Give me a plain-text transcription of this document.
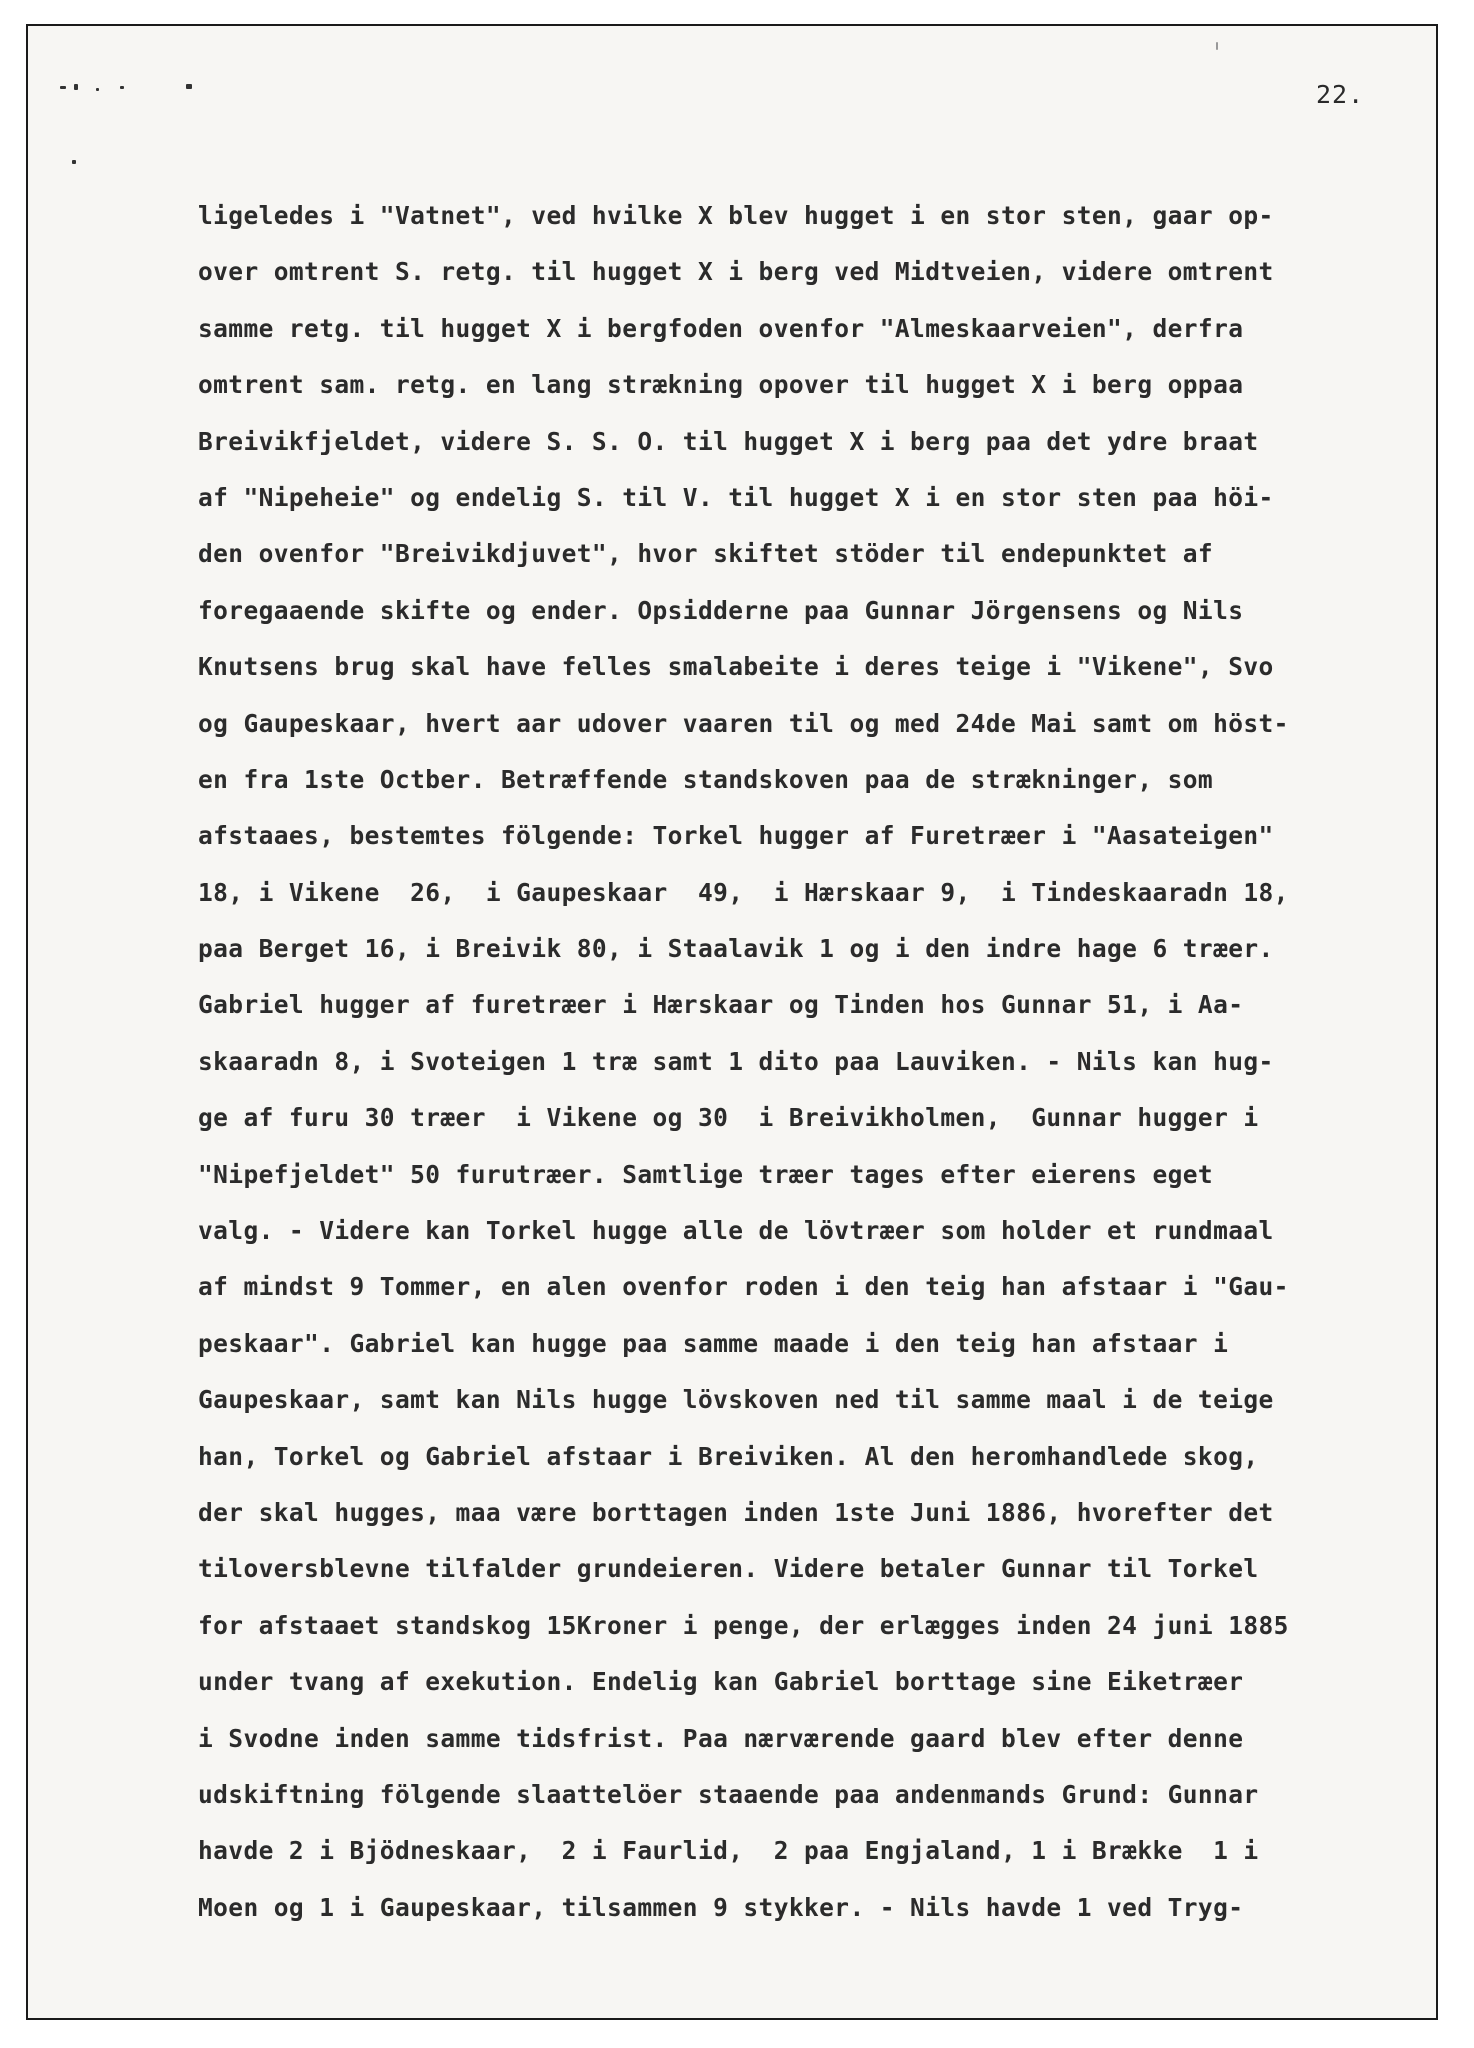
22.
ligeledes i "Vatnet", ved hvilke X blev hugget i en stor sten, gaar op-
over omtrent S. retg. til hugget X i berg ved Midtveien, videre omtrent
samme retg. til hugget X i bergfoden ovenfor "Almeskaarveien", derfra
omtrent sam. retg. en lang strækning opover til hugget X i berg oppaa
Breivikfjeldet, videre S. S. O. til hugget X i berg paa det ydre braat
af "Nipeheie" og endelig S. til V. til hugget X i en stor sten paa höi-
den ovenfor "Breivikdjuvet", hvor skiftet stöder til endepunktet af
foregaaende skifte og ender. Opsidderne paa Gunnar Jörgensens og Nils
Knutsens brug skal have felles smalabeite i deres teige i "Vikene", Svo
og Gaupeskaar, hvert aar udover vaaren til og med 24de Mai samt om höst-
en fra 1ste Octber. Betræffende standskoven paa de strækninger, som
afstaaes, bestemtes fölgende: Torkel hugger af Furetræer i "Aasateigen"
18, i Vikene  26,  i Gaupeskaar  49,  i Hærskaar 9,  i Tindeskaaradn 18,
paa Berget 16, i Breivik 80, i Staalavik 1 og i den indre hage 6 træer.
Gabriel hugger af furetræer i Hærskaar og Tinden hos Gunnar 51, i Aa-
skaaradn 8, i Svoteigen 1 træ samt 1 dito paa Lauviken. - Nils kan hug-
ge af furu 30 træer  i Vikene og 30  i Breivikholmen,  Gunnar hugger i
"Nipefjeldet" 50 furutræer. Samtlige træer tages efter eierens eget
valg. - Videre kan Torkel hugge alle de lövtræer som holder et rundmaal
af mindst 9 Tommer, en alen ovenfor roden i den teig han afstaar i "Gau-
peskaar". Gabriel kan hugge paa samme maade i den teig han afstaar i
Gaupeskaar, samt kan Nils hugge lövskoven ned til samme maal i de teige
han, Torkel og Gabriel afstaar i Breiviken. Al den heromhandlede skog,
der skal hugges, maa være borttagen inden 1ste Juni 1886, hvorefter det
tiloversblevne tilfalder grundeieren. Videre betaler Gunnar til Torkel
for afstaaet standskog 15Kroner i penge, der erlægges inden 24 juni 1885
under tvang af exekution. Endelig kan Gabriel borttage sine Eiketræer
i Svodne inden samme tidsfrist. Paa nærværende gaard blev efter denne
udskiftning fölgende slaattelöer staaende paa andenmands Grund: Gunnar
havde 2 i Bjödneskaar,  2 i Faurlid,  2 paa Engjaland, 1 i Brække  1 i
Moen og 1 i Gaupeskaar, tilsammen 9 stykker. - Nils havde 1 ved Tryg-
